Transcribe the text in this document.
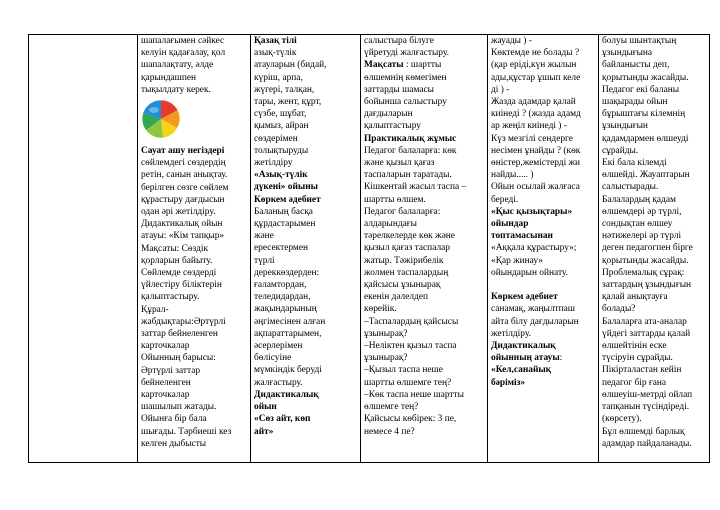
шапалағымен сәйкес
келуін қадағалау, қол
шапалақтату, әлде
қарындашпен
тықылдату керек.
Сауат ашу негіздері
сөйлемдегі сөздердің
ретін, санын анықтау.
берілген сөзге сөйлем
құрастыру дағдысын
одан әрі жетілдіру.
Дидактикалық ойын
атауы: «Кім тапқыр»
Мақсаты: Сөздік
қорларын байыту.
Сөйлемде сөздерді
үйлестіру біліктерін
қалыптастыру.
Құрал-
жабдықтары:Әртүрлі
заттар бейнеленген
карточкалар
Ойынның барысы:
Әртүрлі заттар
бейнеленген
карточкалар
шашылып жатады.
Ойынға бір бала
шығады. Тәрбиеші кез
келген дыбысты

Қазақ тілі
азық-түлік
атауларын (бидай,
күріш, арпа,
жүгері, талқан,
тары, жент, құрт,
сүзбе, шұбат,
қымыз, айран
сөздерімен
толықтыруды
жетілдіру
«Азық-түлік
дүкені» ойыны
Көркем әдебиет
Баланың басқа
құрдастарымен
және
ересектермен
түрлі
дереккөздерден:
ғаламтордан,
теледидардан,
жақындарының
әңгімесінен алған
ақпараттарымен,
әсерлерімен
бөлісуіне
мүмкіндік беруді
жалғастыру.
Дидактикалық
ойын
«Сөз айт, көп
айт»

салыстыра білуге
үйретуді жалғастыру.
Мақсаты : шартты
өлшемнің көмегімен
заттарды шамасы
бойынша салыстыру
дағдыларын
қалыптастыру
Практикалық жұмыс
Педагог балаларға: көк
және қызыл қағаз
таспаларын таратады.
Кішкентай жасыл таспа –
шартты өлшем.
Педагог балаларға:
алдарындағы
тәрелкелерде көк және
қызыл қағаз таспалар
жатыр. Тәжірибелік
жолмен таспалардың
қайсысы ұзынырақ
екенін дәлелдеп
көрейік.
–Таспалардың қайсысы
ұзынырақ?
–Неліктен қызыл таспа
ұзынырақ?
–Қызыл таспа неше
шартты өлшемге тең?
–Көк таспа неше шартты
өлшемге тең?
Қайсысы көбірек: 3 пе,
немесе 4 пе?

жауады ) -
Көктемде не болады ?
(қар еріді,күн жылын
ады,құстар ұшып келе
ді ) -
Жазда адамдар қалай
киінеді ? (жазда адамд
ар жеңіл киінеді ) -
Күз мезгілі сендерге
несімен ұнайды ? (көк
өністер,жемістерді жи
найды..... )
Ойын осылай жалғаса
береді.
«Қыс қызықтары»
ойындар
топтамасынан
«Аққала құрастыру»;
«Қар жинау»
ойындарын ойнату.

Көркем әдебиет
санамақ, жаңылтпаш
айта білу дағдыларын
жетілдіру.
Дидактикалық
ойынның атауы:
«Кел,санайық
бәріміз»

болуы шынтақтың
ұзындығына
байланысты деп,
қорытынды жасайды.
Педагог екі баланы
шақырады ойын
бұрыштағы кілемнің
ұзындығын
қадамдармен өлшеуді
сұрайды.
Екі бала кілемді
өлшейді. Жауаптарын
салыстырады.
Балалардың қадам
өлшемдері әр түрлі,
сондықтан өлшеу
нәтижелері әр түрлі
деген педагогпен бірге
қорытынды жасайды.
Проблемалық сұрақ:
заттардың ұзындығын
қалай анықтауға
болады?
Балаларға ата-аналар
үйдегі заттарды қалай
өлшейтінін еске
түсіруін сұрайды.
Пікірталастан кейін
педагог бір ғана
өлшеуіш-метрді ойлап
тапқанын түсіндіреді.
(көрсету).
Бұл өлшемді барлық
адамдар пайдаланады.
